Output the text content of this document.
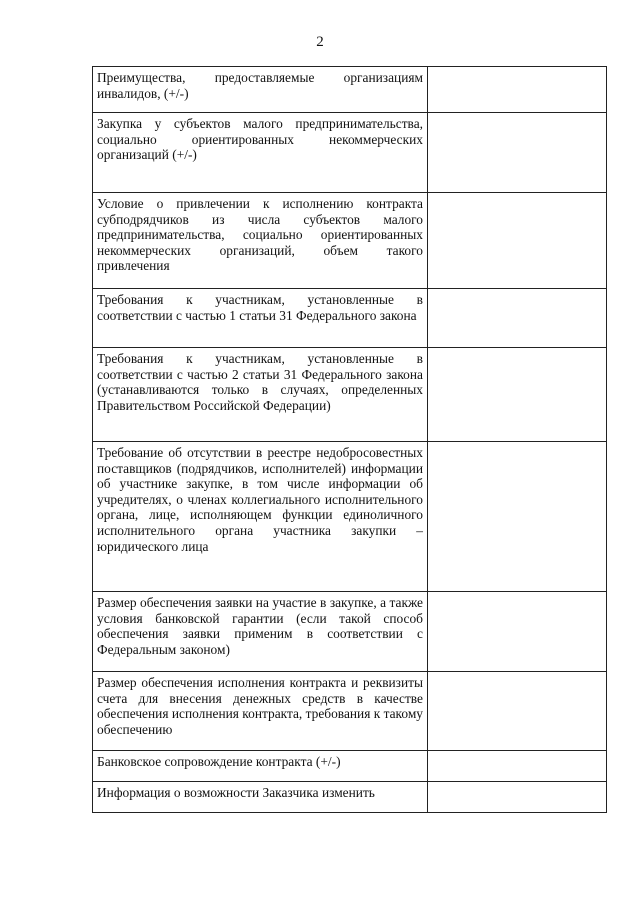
2
Преимущества, предоставляемые организациям инвалидов, (+/-)	
Закупка у субъектов малого предпринимательства, социально ориентированных некоммерческих организаций (+/-)	
Условие о привлечении к исполнению контракта субподрядчиков из числа субъектов малого предпринимательства, социально ориентированных некоммерческих организаций, объем такого привлечения	
Требования к участникам, установленные в соответствии с частью 1 статьи 31 Федерального закона	
Требования к участникам, установленные в соответствии с частью 2 статьи 31 Федерального закона (устанавливаются только в случаях, определенных Правительством Российской Федерации)	
Требование об отсутствии в реестре недобросовестных поставщиков (подрядчиков, исполнителей) информации об участнике закупке, в том числе информации об учредителях, о членах коллегиального исполнительного органа, лице, исполняющем функции единоличного исполнительного органа участника закупки – юридического лица	
Размер обеспечения заявки на участие в закупке, а также условия банковской гарантии (если такой способ обеспечения заявки применим в соответствии с Федеральным законом)	
Размер обеспечения исполнения контракта и реквизиты счета для внесения денежных средств в качестве обеспечения исполнения контракта, требования к такому обеспечению	
Банковское сопровождение контракта (+/-)	
Информация о возможности Заказчика изменить	
